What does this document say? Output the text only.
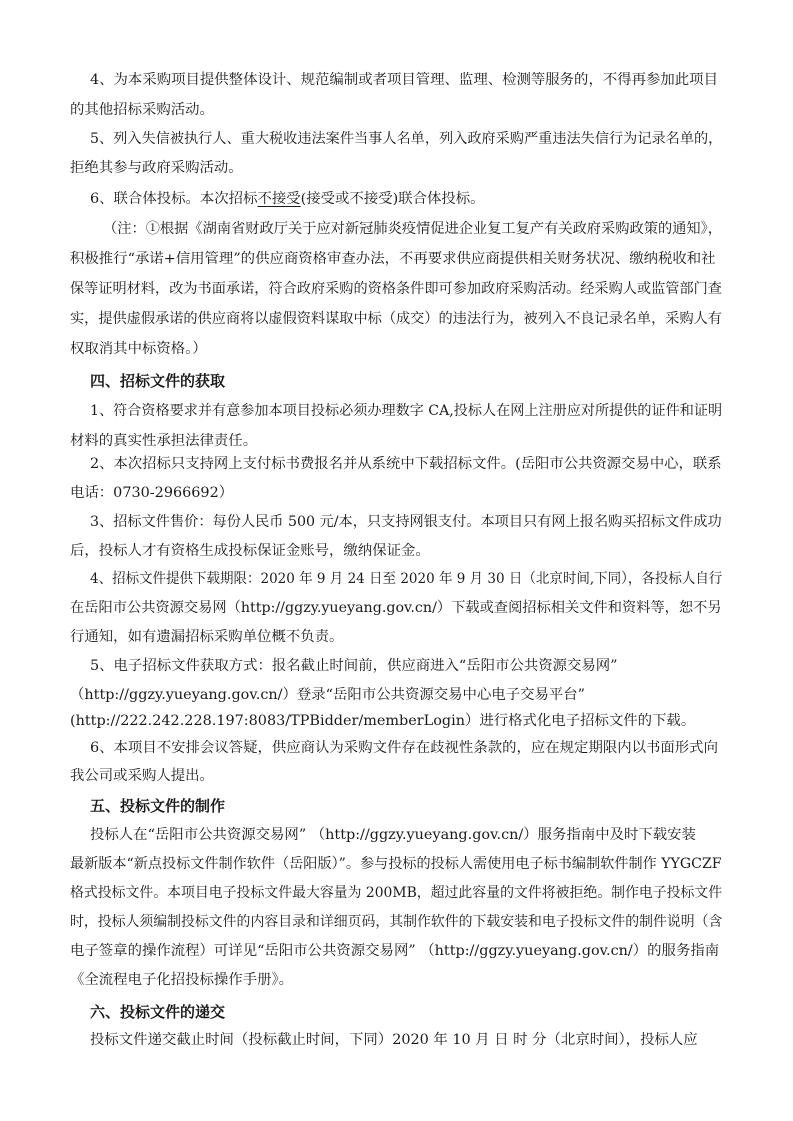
4、为本采购项目提供整体设计、规范编制或者项目管理、监理、检测等服务的，不得再参加此项目
的其他招标采购活动。
5、列入失信被执行人、重大税收违法案件当事人名单，列入政府采购严重违法失信行为记录名单的，
拒绝其参与政府采购活动。
6、联合体投标。本次招标不接受(接受或不接受)联合体投标。
（注：①根据《湖南省财政厅关于应对新冠肺炎疫情促进企业复工复产有关政府采购政策的通知》，
积极推行“承诺+信用管理”的供应商资格审查办法，不再要求供应商提供相关财务状况、缴纳税收和社
保等证明材料，改为书面承诺，符合政府采购的资格条件即可参加政府采购活动。经采购人或监管部门查
实，提供虚假承诺的供应商将以虚假资料谋取中标（成交）的违法行为，被列入不良记录名单，采购人有
权取消其中标资格。）
四、招标文件的获取
1、符合资格要求并有意参加本项目投标必须办理数字 CA,投标人在网上注册应对所提供的证件和证明
材料的真实性承担法律责任。
2、本次招标只支持网上支付标书费报名并从系统中下载招标文件。(岳阳市公共资源交易中心，联系
电话：0730-2966692）
3、招标文件售价：每份人民币 500 元/本，只支持网银支付。本项目只有网上报名购买招标文件成功
后，投标人才有资格生成投标保证金账号，缴纳保证金。
4、招标文件提供下载期限：2020 年 9 月 24 日至 2020 年 9 月 30 日（北京时间,下同），各投标人自行
在岳阳市公共资源交易网（http://ggzy.yueyang.gov.cn/）下载或查阅招标相关文件和资料等，恕不另
行通知，如有遗漏招标采购单位概不负责。
5、电子招标文件获取方式：报名截止时间前，供应商进入“岳阳市公共资源交易网”
（http://ggzy.yueyang.gov.cn/）登录“岳阳市公共资源交易中心电子交易平台”
(http://222.242.228.197:8083/TPBidder/memberLogin）进行格式化电子招标文件的下载。
6、本项目不安排会议答疑，供应商认为采购文件存在歧视性条款的，应在规定期限内以书面形式向
我公司或采购人提出。
五、投标文件的制作
投标人在“岳阳市公共资源交易网” （http://ggzy.yueyang.gov.cn/）服务指南中及时下载安装
最新版本“新点投标文件制作软件（岳阳版）”。参与投标的投标人需使用电子标书编制软件制作 YYGCZF
格式投标文件。本项目电子投标文件最大容量为 200MB，超过此容量的文件将被拒绝。制作电子投标文件
时，投标人须编制投标文件的内容目录和详细页码，其制作软件的下载安装和电子投标文件的制件说明（含
电子签章的操作流程）可详见“岳阳市公共资源交易网” （http://ggzy.yueyang.gov.cn/）的服务指南
《全流程电子化招投标操作手册》。
六、投标文件的递交
投标文件递交截止时间（投标截止时间，下同）2020 年 10 月 日 时 分（北京时间），投标人应
